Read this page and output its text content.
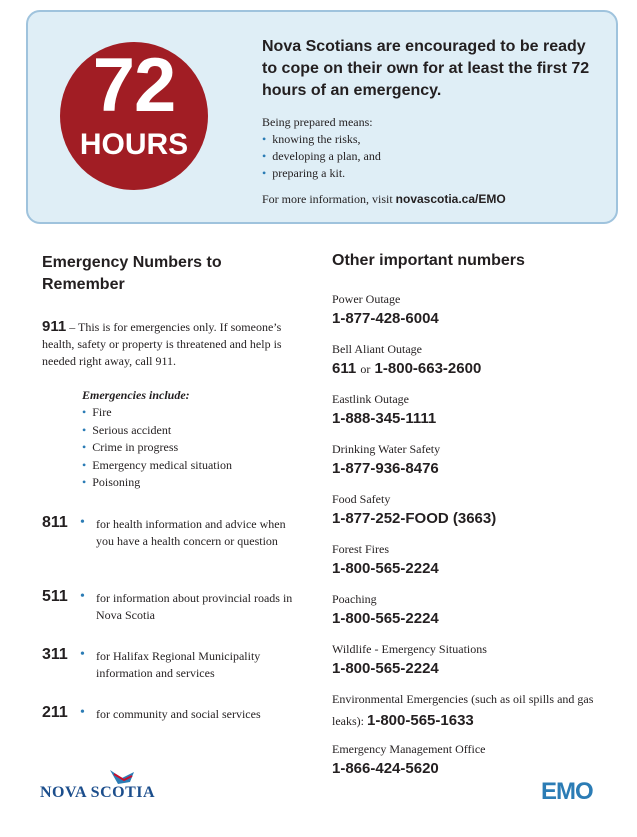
72
HOURS
Nova Scotians are encouraged to be ready to cope on their own for at least the first 72 hours of an emergency.
Being prepared means:
• knowing the risks,
• developing a plan, and
• preparing a kit.
For more information, visit novascotia.ca/EMO
Emergency Numbers to Remember
911 – This is for emergencies only. If someone’s health, safety or property is threatened and help is needed right away, call 911.
Emergencies include:
• Fire
• Serious accident
• Crime in progress
• Emergency medical situation
• Poisoning
811 • for health information and advice when you have a health concern or question
511 • for information about provincial roads in Nova Scotia
311 • for Halifax Regional Municipality information and services
211 • for community and social services
Other important numbers
Power Outage
1-877-428-6004
Bell Aliant Outage
611 or 1-800-663-2600
Eastlink Outage
1-888-345-1111
Drinking Water Safety
1-877-936-8476
Food Safety
1-877-252-FOOD (3663)
Forest Fires
1-800-565-2224
Poaching
1-800-565-2224
Wildlife - Emergency Situations
1-800-565-2224
Environmental Emergencies (such as oil spills and gas leaks): 1-800-565-1633
Emergency Management Office
1-866-424-5620
NOVA SCOTIA	EMO
